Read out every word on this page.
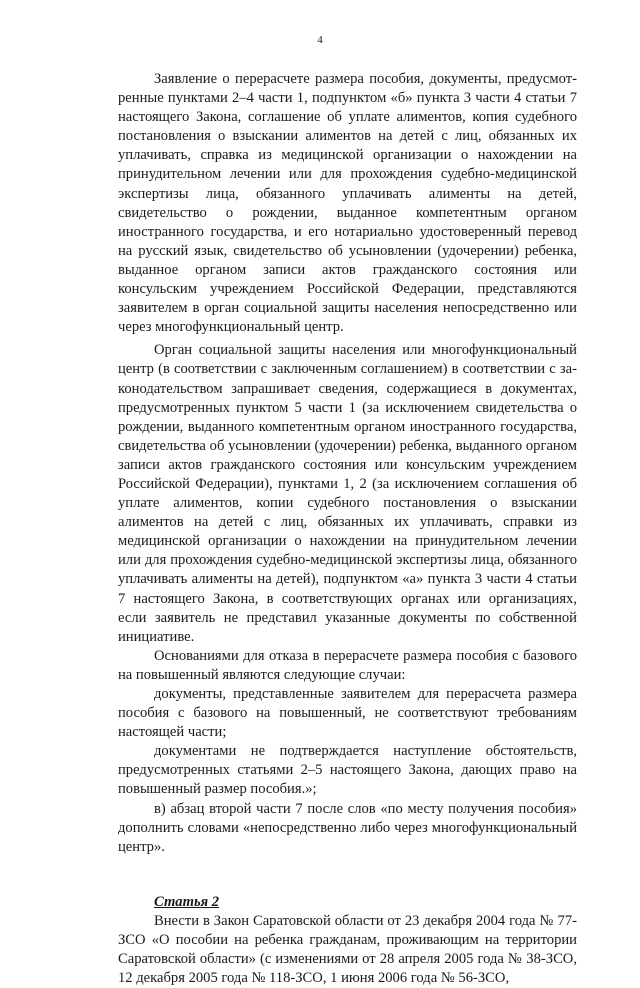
4

Заявление о перерасчете размера пособия, документы, предусмотренные пунктами 2–4 части 1, подпунктом «б» пункта 3 части 4 статьи 7 настоящего Закона, соглашение об уплате алиментов, копия судебного постановления о взыскании алиментов на детей с лиц, обязанных их уплачивать, справка из медицинской организации о нахождении на принудительном лечении или для прохождения судебно-медицинской экспертизы лица, обязанного уплачивать алименты на детей, свидетельство о рождении, выданное компетентным органом иностранного государства, и его нотариально удостоверенный перевод на русский язык, свидетельство об усыновлении (удочерении) ребенка, выданное органом записи актов гражданского состояния или консульским учреждением Российской Федерации, представляются заявителем в орган социальной защиты населения непосредственно или через многофункциональный центр.

Орган социальной защиты населения или многофункциональный центр (в соответствии с заключенным соглашением) в соответствии с законодательством запрашивает сведения, содержащиеся в документах, предусмотренных пунктом 5 части 1 (за исключением свидетельства о рождении, выданного компетентным органом иностранного государства, свидетельства об усыновлении (удочерении) ребенка, выданного органом записи актов гражданского состояния или консульским учреждением Российской Федерации), пунктами 1, 2 (за исключением соглашения об уплате алиментов, копии судебного постановления о взыскании алиментов на детей с лиц, обязанных их уплачивать, справки из медицинской организации о нахождении на принудительном лечении или для прохождения судебно-медицинской экспертизы лица, обязанного уплачивать алименты на детей), подпунктом «а» пункта 3 части 4 статьи 7 настоящего Закона, в соответствующих органах или организациях, если заявитель не представил указанные документы по собственной инициативе.

Основаниями для отказа в перерасчете размера пособия с базового на повышенный являются следующие случаи:

документы, представленные заявителем для перерасчета размера пособия с базового на повышенный, не соответствуют требованиям настоящей части;

документами не подтверждается наступление обстоятельств, предусмотренных статьями 2–5 настоящего Закона, дающих право на повышенный размер пособия.»;

в) абзац второй части 7 после слов «по месту получения пособия» дополнить словами «непосредственно либо через многофункциональный центр».

Статья 2

Внести в Закон Саратовской области от 23 декабря 2004 года № 77-ЗСО «О пособии на ребенка гражданам, проживающим на территории Саратовской области» (с изменениями от 28 апреля 2005 года № 38-ЗСО, 12 декабря 2005 года № 118-ЗСО, 1 июня 2006 года № 56-ЗСО,
